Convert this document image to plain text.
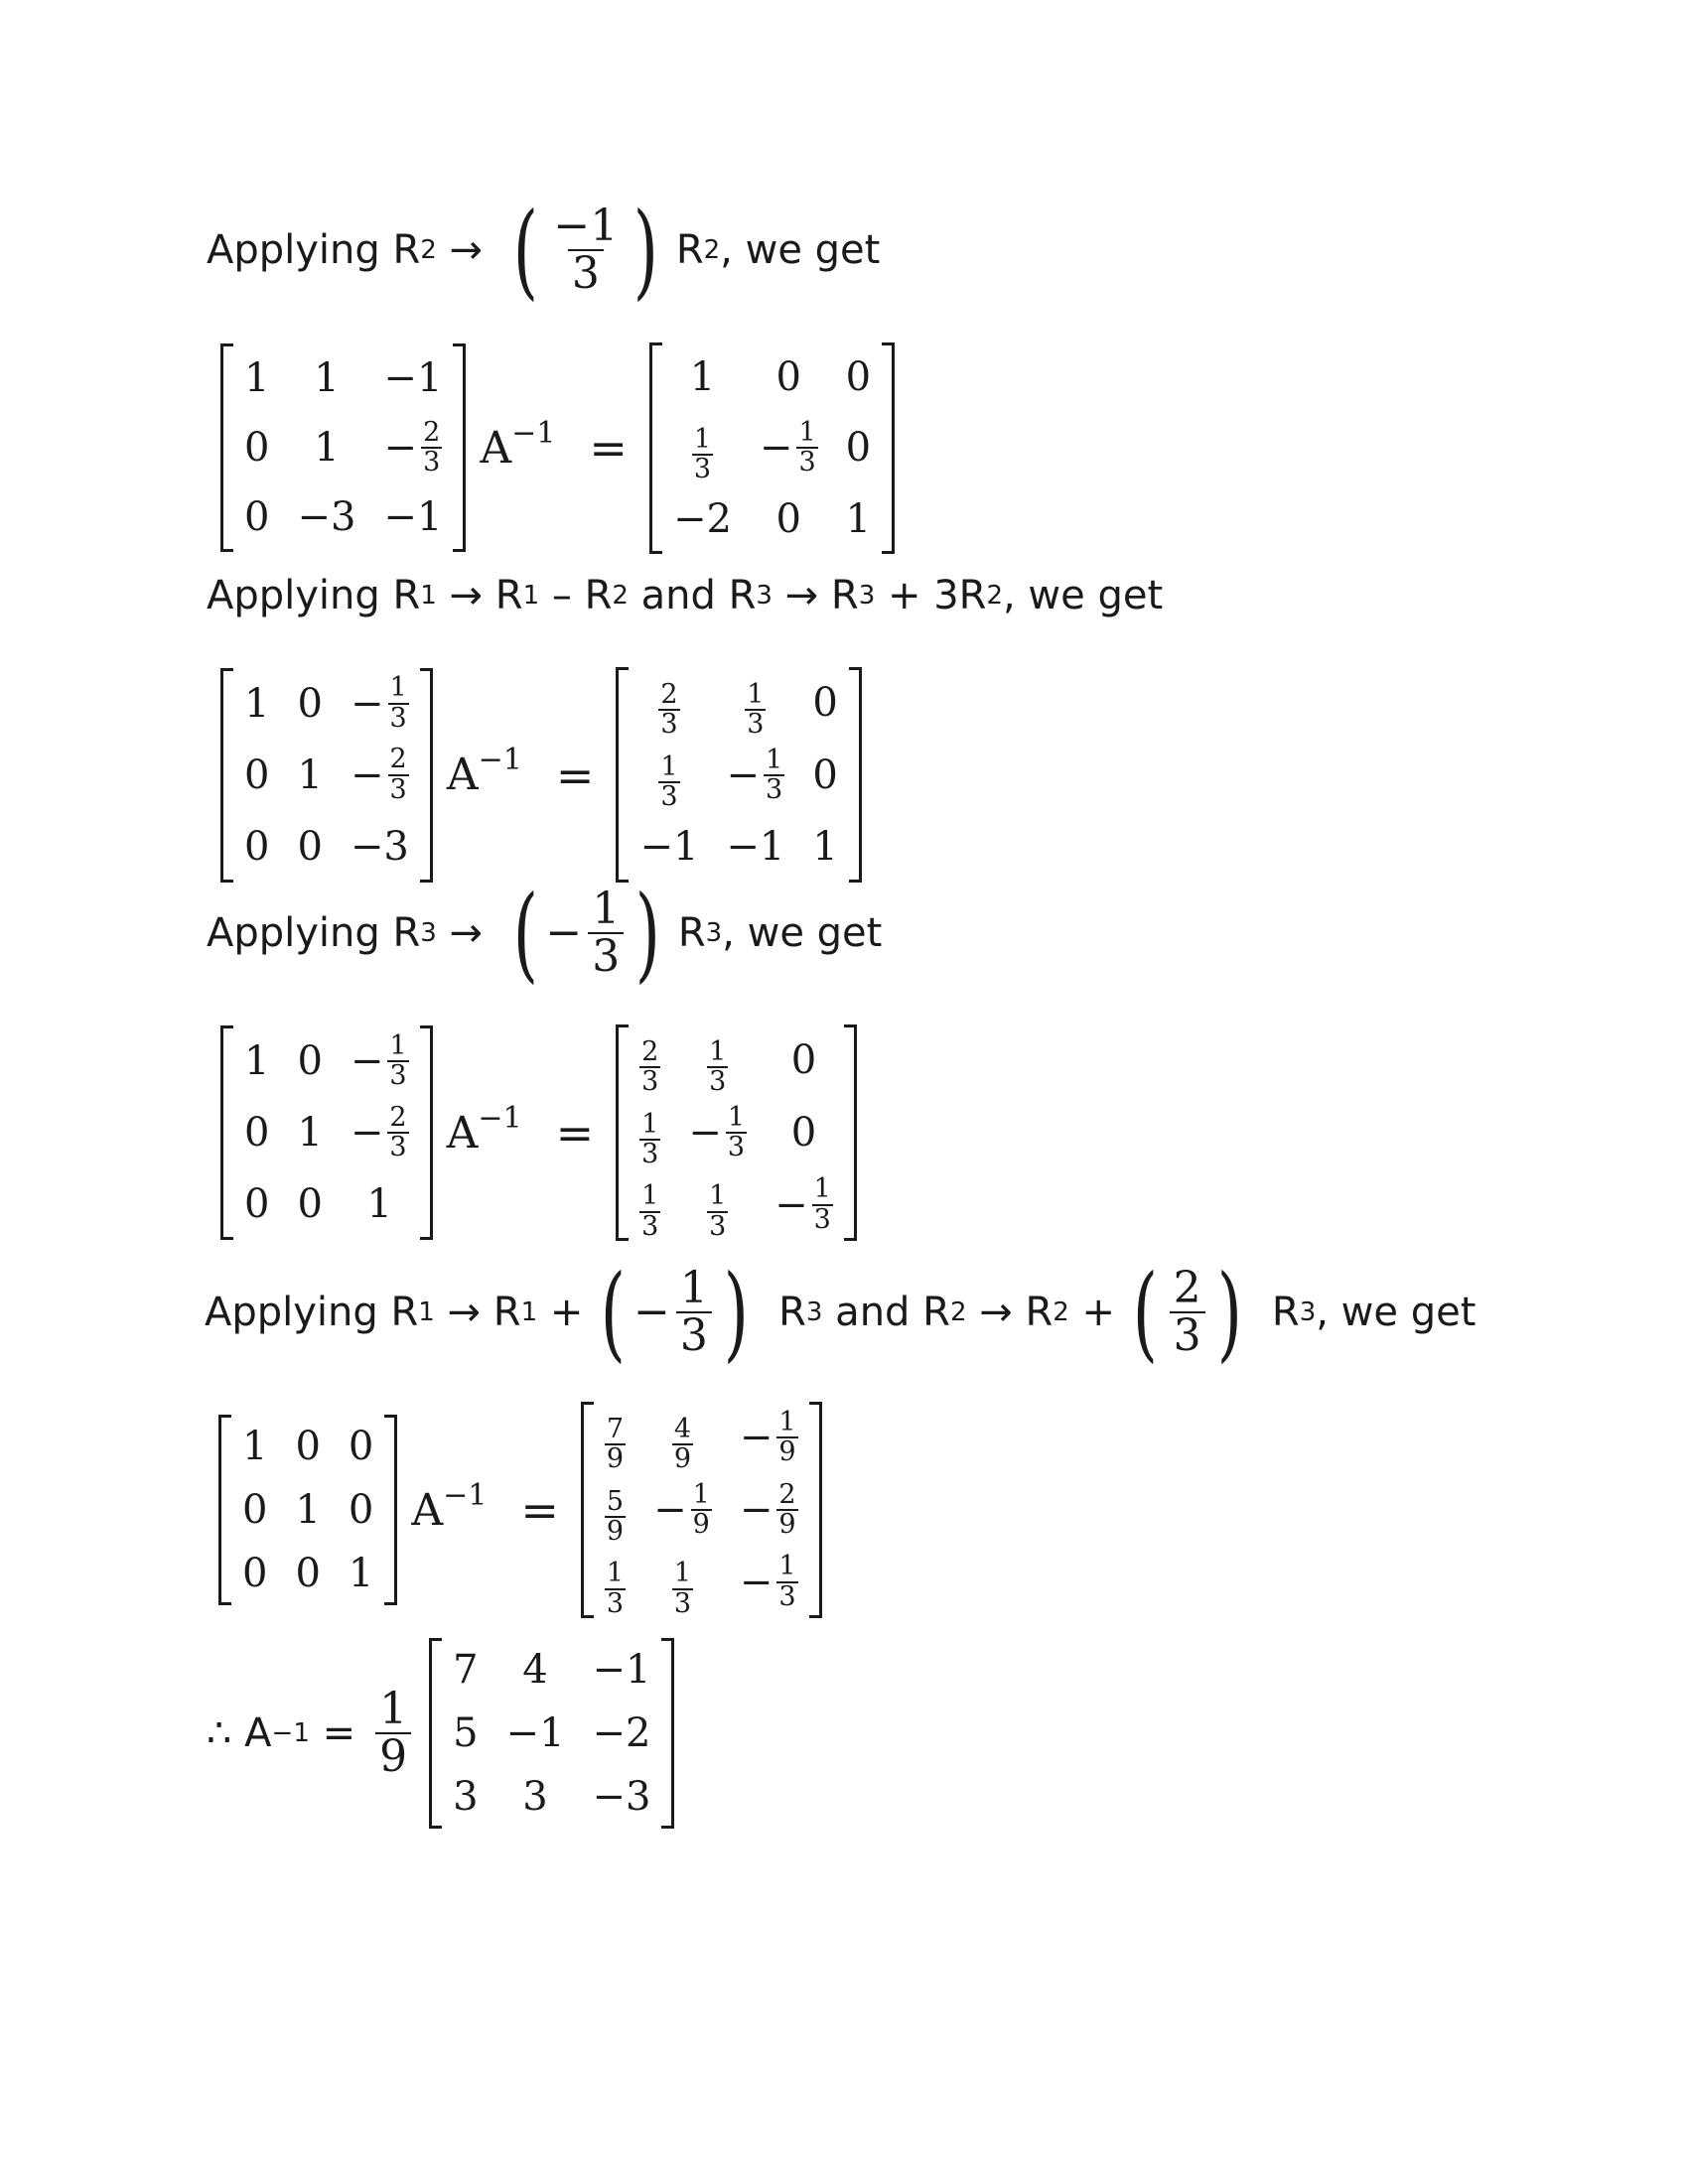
Applying R 2 → ( $\frac{-1}{3}$ ) R 2 , we get
1	1	−1
0	1	− $\frac{2}{3}$

0	−3	−1
$A^{-1}$ =
1	0	0

$\frac{1}{3}$	− $\frac{1}{3}$	0
−2	0	1
Applying R 1 → R 1 – R 2 and R 3 → R 3 + 3R 2 , we get
1	0	− $\frac{1}{3}$

0	1	− $\frac{2}{3}$

0	0	−3
$A^{-1}$ =
$\frac{2}{3}$	$\frac{1}{3}$	0

$\frac{1}{3}$	− $\frac{1}{3}$	0
−1	−1	1
Applying R 3 → ( − $\frac{1}{3}$ ) R 3 , we get
1	0	− $\frac{1}{3}$

0	1	− $\frac{2}{3}$

0	0	1
$A^{-1}$ =
$\frac{2}{3}$	$\frac{1}{3}$	0

$\frac{1}{3}$	− $\frac{1}{3}$	0

$\frac{1}{3}$	$\frac{1}{3}$	− $\frac{1}{3}$
Applying R 1 → R 1 + ( − $\frac{1}{3}$ ) R 3 and R 2 → R 2 + ( $\frac{2}{3}$ ) R 3 , we get
1	0	0
0	1	0
0	0	1
$A^{-1}$ =
$\frac{7}{9}$	$\frac{4}{9}$	− $\frac{1}{9}$

$\frac{5}{9}$	− $\frac{1}{9}$	− $\frac{2}{9}$

$\frac{1}{3}$	$\frac{1}{3}$	− $\frac{1}{3}$
∴ $A -1 = \frac{1}{9}$
7	4	−1
5	−1	−2
3	3	−3
